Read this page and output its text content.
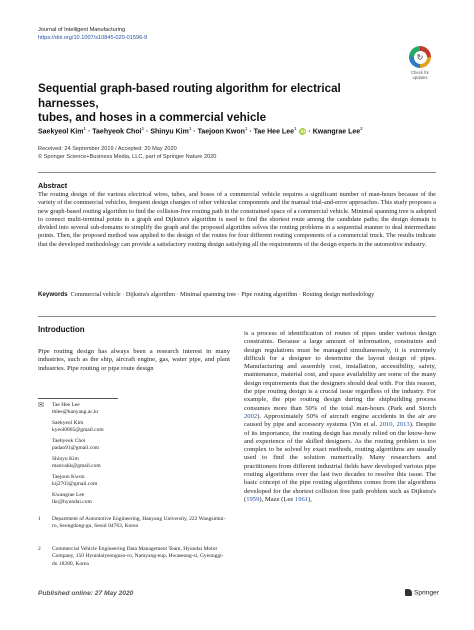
Journal of Intelligent Manufacturing
https://doi.org/10.1007/s10845-020-01596-9
↻
Check for
updates
Sequential graph-based routing algorithm for electrical harnesses,
tubes, and hoses in a commercial vehicle
Saekyeol Kim$^1$ · Taehyeok Choi$^1$ · Shinyu Kim$^1$ · Taejoon Kwon$^1$ · Tae Hee Lee$^1$ iD · Kwangrae Lee$^2$
Received: 24 September 2019 / Accepted: 20 May 2020
© Springer Science+Business Media, LLC, part of Springer Nature 2020
Abstract
The routing design of the various electrical wires, tubes, and hoses of a commercial vehicle requires a significant number of man-hours because of the variety of the commercial vehicles, frequent design changes of other vehicular components and the manual trial-and-error approaches. This study proposes a new graph-based routing algorithm to find the collision-free routing path in the constrained space of a commercial vehicle. Minimal spanning tree is adopted to connect multi-terminal points in a graph and Dijkstra's algorithm is used to find the shortest route among the candidate paths; the design domain is divided into several sub-domains to simplify the graph and the proposed algorithm solves the routing problems in a sequential manner to deal intermediate points. Then, the proposed method was applied to the design of the routes for four different routing components of a commercial truck. The results indicate that the developed methodology can provide a satisfactory routing design satisfying all the requirements of the design experts in the automotive industry.
Keywords Commercial vehicle · Dijkstra's algorithm · Minimal spanning tree · Pipe routing algorithm · Routing design methodology
Introduction
Pipe routing design has always been a research interest in many industries, such as the ship, aircraft engine, gas, water pipe, and plant industries. Pipe routing or pipe route design
✉ Tae Hee Lee
thlee@hanyang.ac.kr
Saekyeol Kim
kyeol0805@gmail.com
Taehyeok Choi
padao91@gmail.com
Shinyu Kim
manvakk@gmail.com
Taejoon Kwon
kij2703@gmail.com
Kwangrae Lee
lkr@hyundai.com
1 Department of Automotive Engineering, Hanyang University, 222 Wangsimni-ro, Seongdong-gu, Seoul 04763, Korea
2 Commercial Vehicle Engineering Data Management Team, Hyundai Motor Company, 150 Hyundaiyeonguso-ro, Namyang-eup, Hwaseong-si, Gyeonggi-do 18280, Korea
is a process of identification of routes of pipes under various design constraints. Because a large amount of information, constraints and design regulations must be managed simultaneously, it is extremely difficult for a designer to determine the layout design of pipes. Manufacturing and assembly cost, installation, accessibility, safety, maintenance, material cost, and space availability are some of the many design requirements that the designers should deal with. For this reason, the pipe routing design is a crucial issue regardless of the industry. For example, the pipe routing design during the shipbuilding process consumes more than 50% of the total man-hours (Park and Storch 2002). Approximately 50% of aircraft engine accidents in the air are caused by pipe and accessory systems (Yin et al. 2010, 2013). Despite of its importance, the routing design has mostly relied on the know-how and experience of the skilled designers. As the routing problem is too complex to be solved by exact methods, routing algorithms are usually used to find the solution numerically. Many researchers and practitioners from different industrial fields have developed various pipe routing algorithms over the last two decades to resolve this issue. The basic concept of the pipe routing algorithms comes from the algorithms developed for the shortest collision free path problem such as Dijkstra's (1959), Maze (Lee 1961),
Published online: 27 May 2020	Springer
